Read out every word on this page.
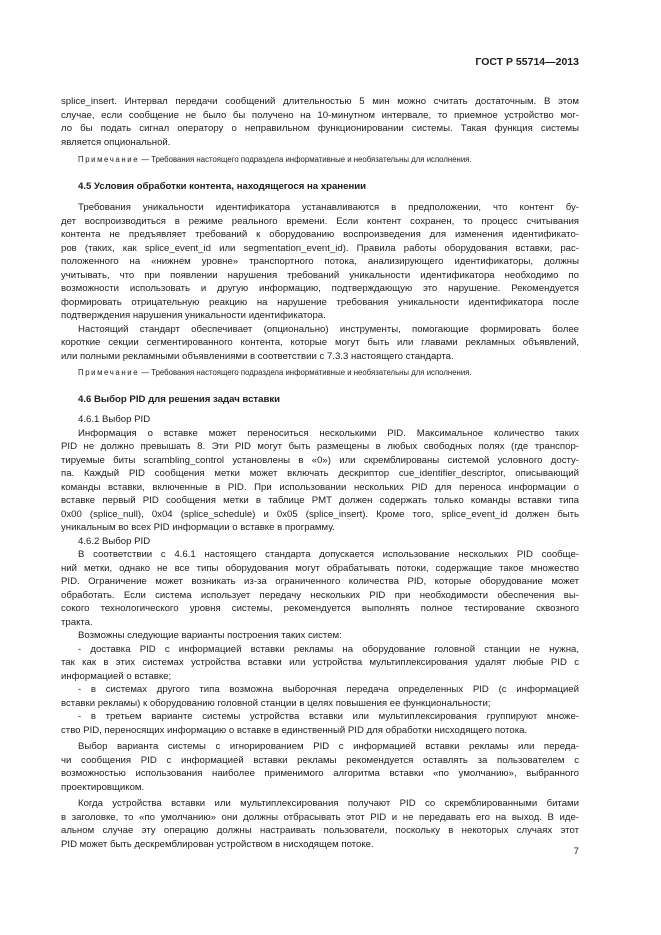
ГОСТ Р 55714—2013
splice_insert. Интервал передачи сообщений длительностью 5 мин можно считать достаточным. В этом
случае, если сообщение не было бы получено на 10-минутном интервале, то приемное устройство мог-
ло бы подать сигнал оператору о неправильном функционировании системы. Такая функция системы
является опциональной.
Примечание — Требования настоящего подраздела информативные и необязательны для исполнения.
4.5 Условия обработки контента, находящегося на хранении
Требования уникальности идентификатора устанавливаются в предположении, что контент бу-
дет воспроизводиться в режиме реального времени. Если контент сохранен, то процесс считывания
контента не предъявляет требований к оборудованию воспроизведения для изменения идентификато-
ров (таких, как splice_event_id или segmentation_event_id). Правила работы оборудования вставки, рас-
положенного на «нижнем уровне» транспортного потока, анализирующего идентификаторы, должны
учитывать, что при появлении нарушения требований уникальности идентификатора необходимо по
возможности использовать и другую информацию, подтверждающую это нарушение. Рекомендуется
формировать отрицательную реакцию на нарушение требования уникальности идентификатора после
подтверждения нарушения уникальности идентификатора.
Настоящий стандарт обеспечивает (опционально) инструменты, помогающие формировать более
короткие секции сегментированного контента, которые могут быть или главами рекламных объявлений,
или полными рекламными объявлениями в соответствии с 7.3.3 настоящего стандарта.
Примечание — Требования настоящего подраздела информативные и необязательны для исполнения.
4.6 Выбор PID для решения задач вставки
4.6.1 Выбор PID
Информация о вставке может переноситься несколькими PID. Максимальное количество таких
PID не должно превышать 8. Эти PID могут быть размещены в любых свободных полях (где транспор-
тируемые биты scrambling_control установлены в «0») или скремблированы системой условного досту-
па. Каждый PID сообщения метки может включать дескриптор cue_identifier_descriptor, описывающий
команды вставки, включенные в PID. При использовании нескольких PID для переноса информации о
вставке первый PID сообщения метки в таблице PMT должен содержать только команды вставки типа
0x00 (splice_null), 0x04 (splice_schedule) и 0x05 (splice_insert). Кроме того, splice_event_id должен быть
уникальным во всех PID информации о вставке в программу.
4.6.2 Выбор PID
В соответствии с 4.6.1 настоящего стандарта допускается использование нескольких PID сообще-
ний метки, однако не все типы оборудования могут обрабатывать потоки, содержащие такое множество
PID. Ограничение может возникать из-за ограниченного количества PID, которые оборудование может
обработать. Если система использует передачу нескольких PID при необходимости обеспечения вы-
сокого технологического уровня системы, рекомендуется выполнять полное тестирование сквозного
тракта.
Возможны следующие варианты построения таких систем:
- доставка PID с информацией вставки рекламы на оборудование головной станции не нужна,
так как в этих системах устройства вставки или устройства мультиплексирования удалят любые PID с
информацией о вставке;
- в системах другого типа возможна выборочная передача определенных PID (с информацией
вставки рекламы) к оборудованию головной станции в целях повышения ее функциональности;
- в третьем варианте системы устройства вставки или мультиплексирования группируют множе-
ство PID, переносящих информацию о вставке в единственный PID для обработки нисходящего потока.
Выбор варианта системы с игнорированием PID с информацией вставки рекламы или переда-
чи сообщения PID с информацией вставки рекламы рекомендуется оставлять за пользователем с
возможностью использования наиболее применимого алгоритма вставки «по умолчанию», выбранного
проектировщиком.
Когда устройства вставки или мультиплексирования получают PID со скремблированными битами
в заголовке, то «по умолчанию» они должны отбрасывать этот PID и не передавать его на выход. В иде-
альном случае эту операцию должны настраивать пользователи, поскольку в некоторых случаях этот
PID может быть дескремблирован устройством в нисходящем потоке.
7
